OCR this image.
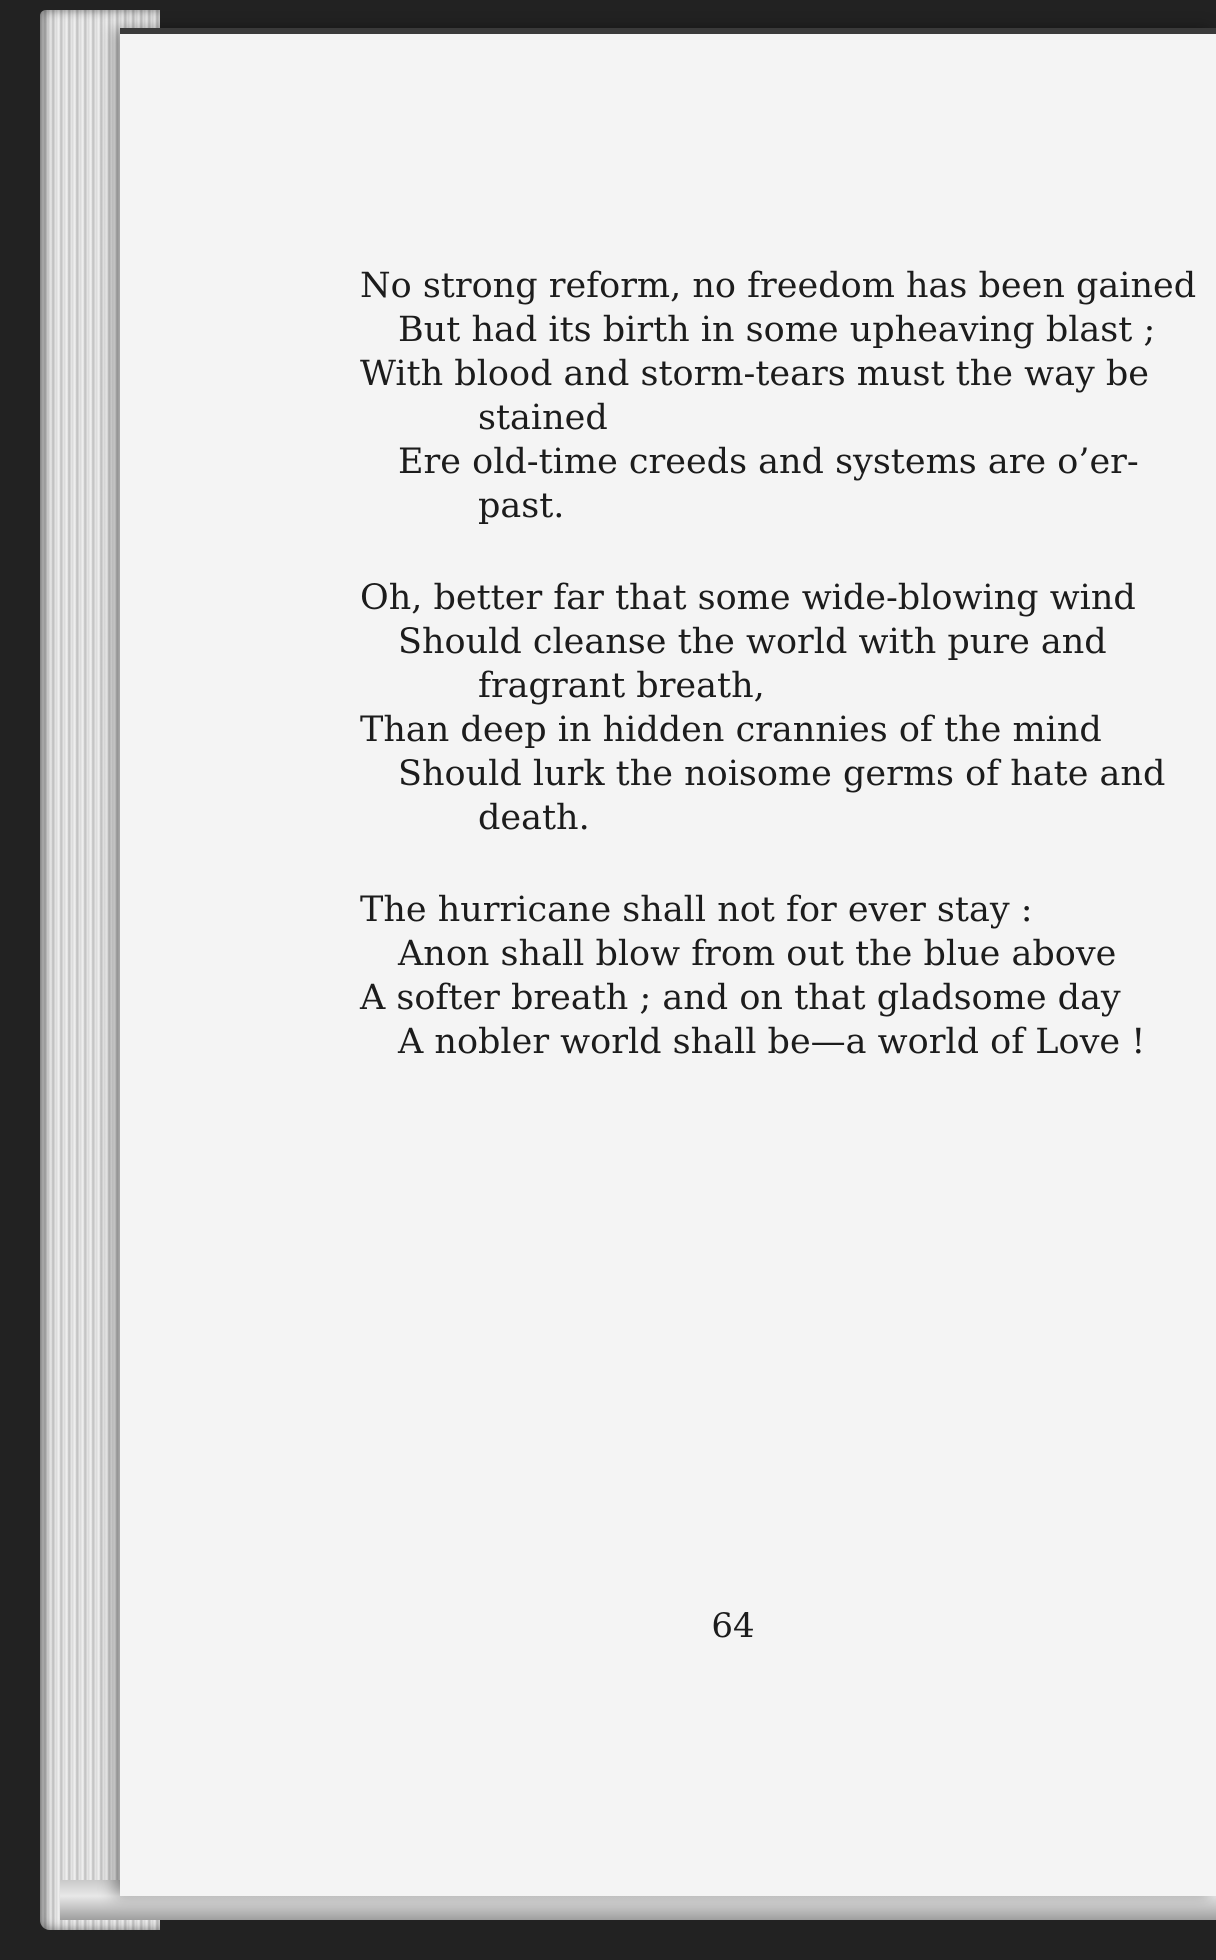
No strong reform, no freedom has been gained
But had its birth in some upheaving blast ;
With blood and storm-tears must the way be
stained
Ere old-time creeds and systems are o’er-
past.
Oh, better far that some wide-blowing wind
Should cleanse the world with pure and
fragrant breath,
Than deep in hidden crannies of the mind
Should lurk the noisome germs of hate and
death.
The hurricane shall not for ever stay :
Anon shall blow from out the blue above
A softer breath ; and on that gladsome day
A nobler world shall be—a world of Love !
64
